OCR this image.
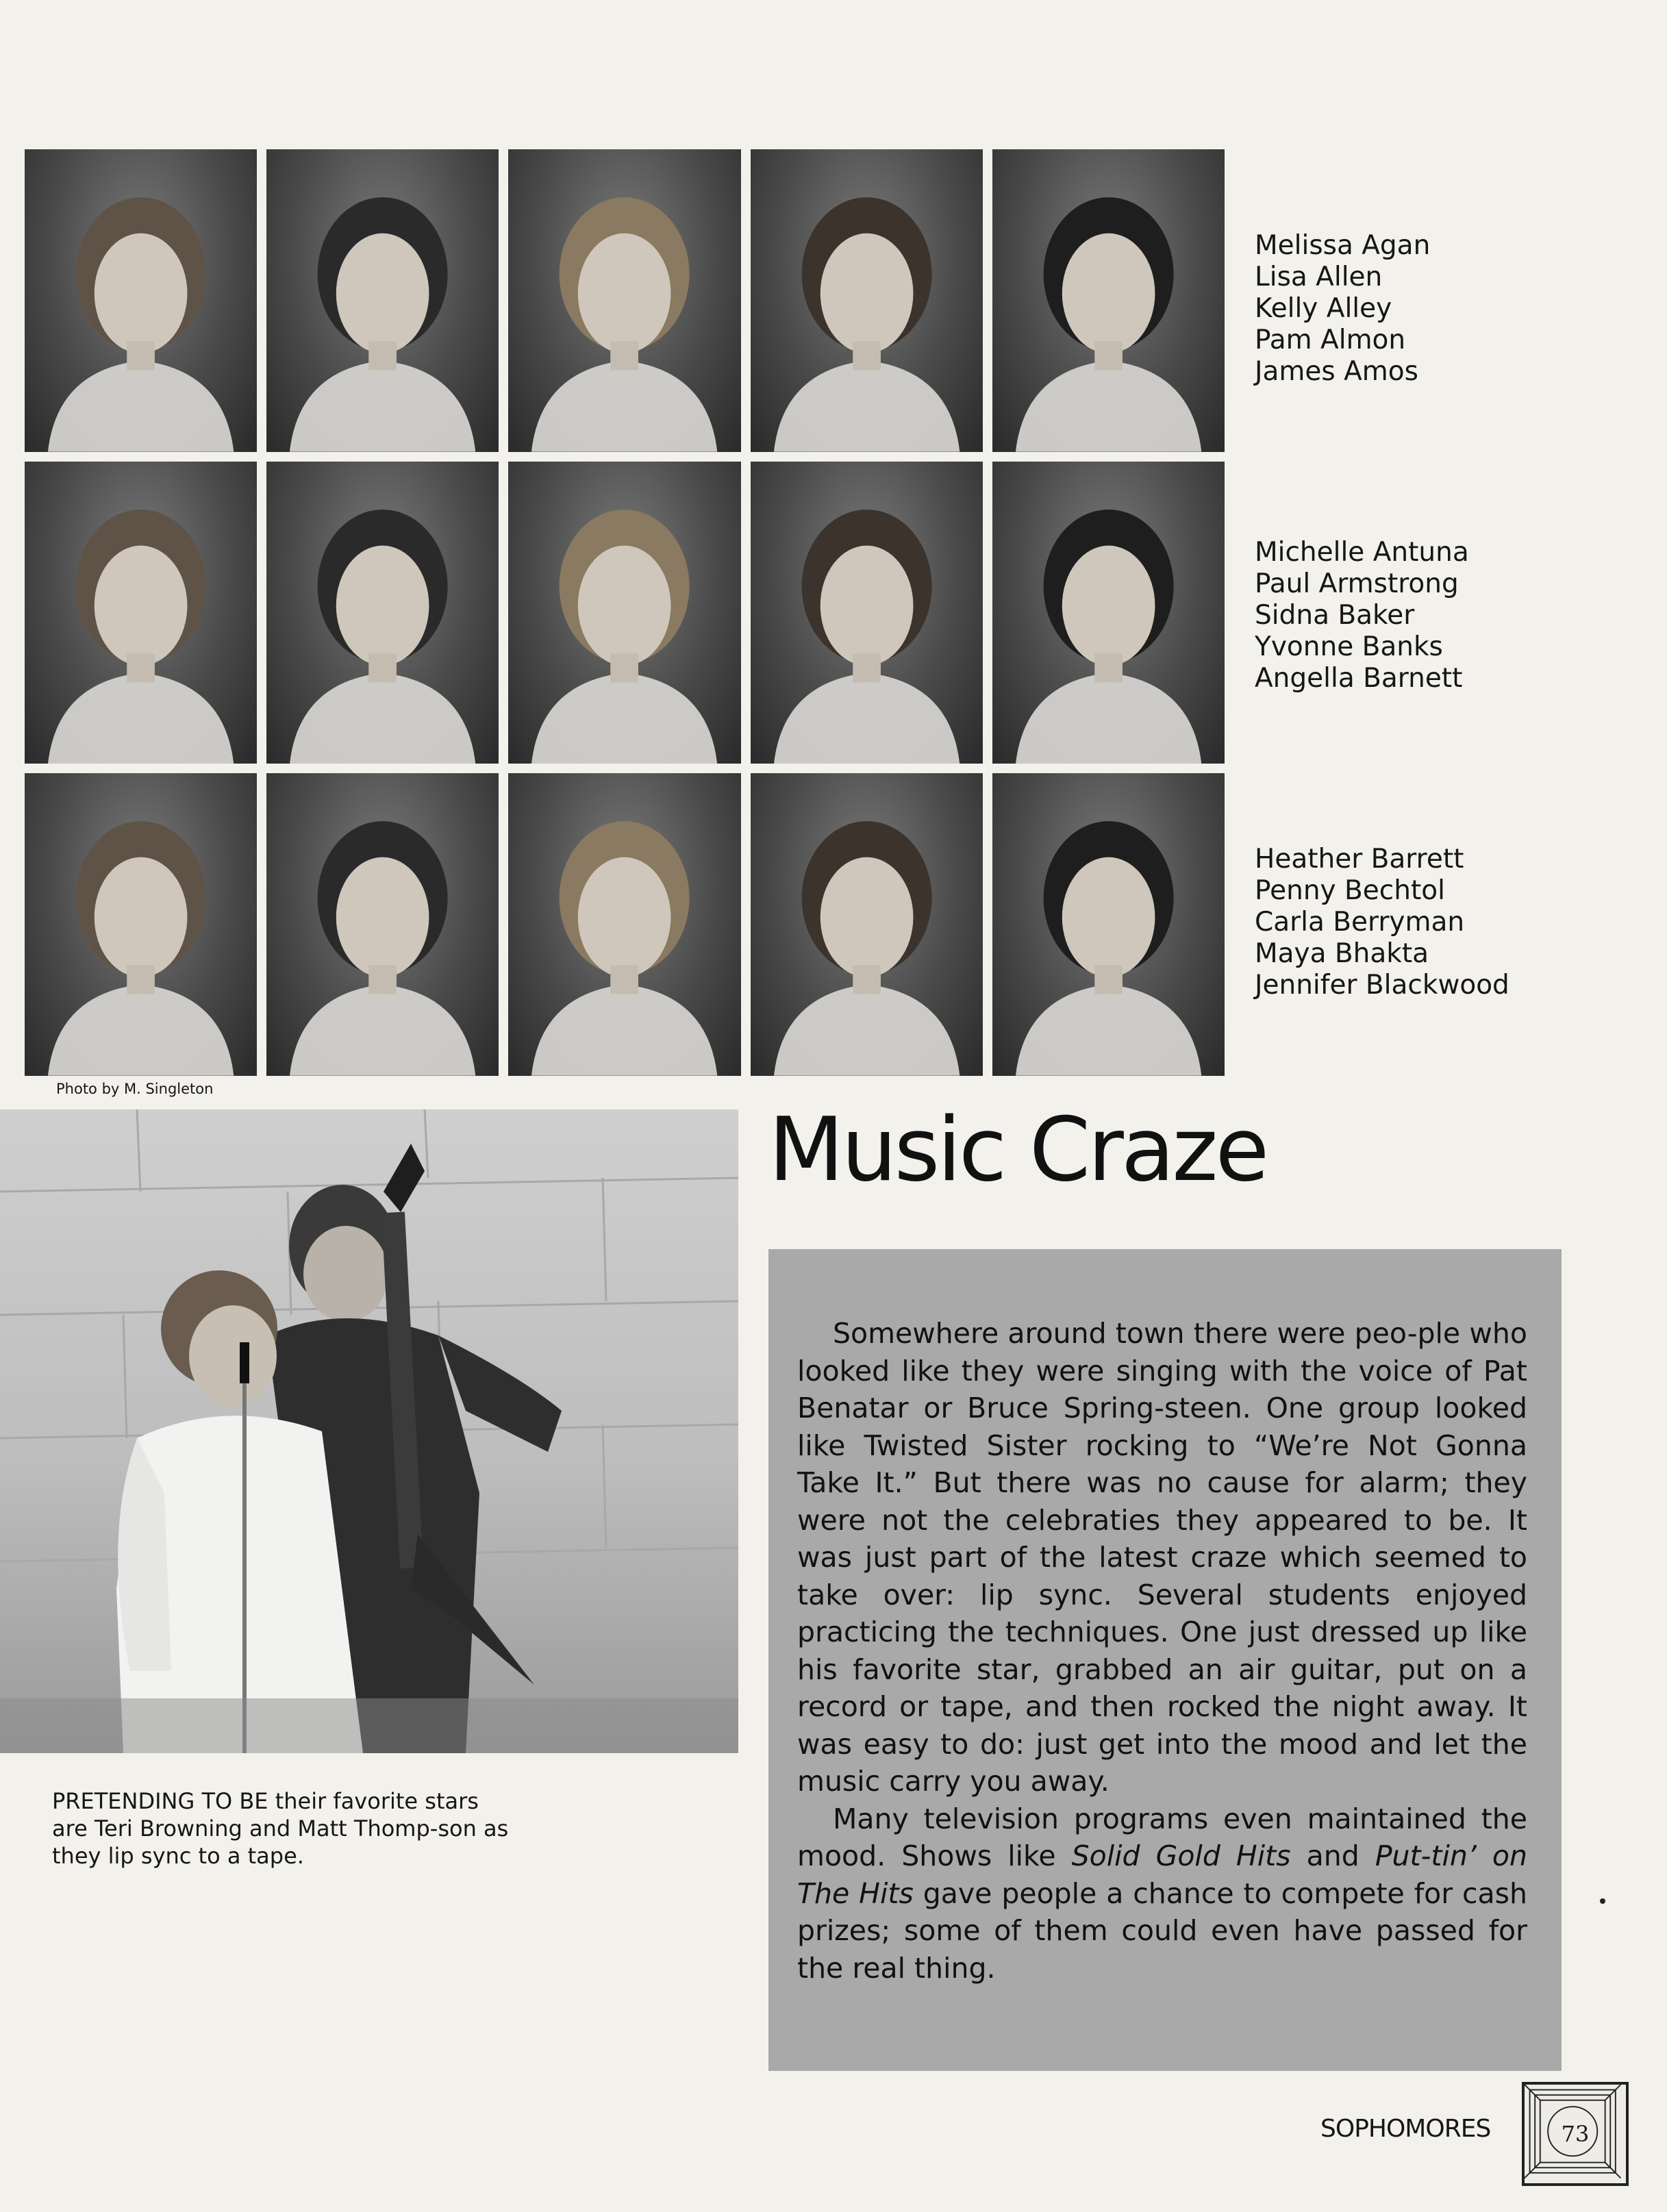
Melissa Agan
Lisa Allen
Kelly Alley
Pam Almon
James Amos
Michelle Antuna
Paul Armstrong
Sidna Baker
Yvonne Banks
Angella Barnett
Heather Barrett
Penny Bechtol
Carla Berryman
Maya Bhakta
Jennifer Blackwood
Photo by M. Singleton
PRETENDING TO BE their favorite stars are Teri Browning and Matt Thomp-son as they lip sync to a tape.
Music Craze

Somewhere around town there were peo-ple who looked like they were singing with the voice of Pat Benatar or Bruce Spring-steen. One group looked like Twisted Sister rocking to “We’re Not Gonna Take It.” But there was no cause for alarm; they were not the celebraties they appeared to be. It was just part of the latest craze which seemed to take over: lip sync. Several students enjoyed practicing the techniques. One just dressed up like his favorite star, grabbed an air guitar, put on a record or tape, and then rocked the night away. It was easy to do: just get into the mood and let the music carry you away.

Many television programs even maintained the mood. Shows like Solid Gold Hits and Put-tin’ on The Hits gave people a chance to compete for cash prizes; some of them could even have passed for the real thing.

SOPHOMORES	73
